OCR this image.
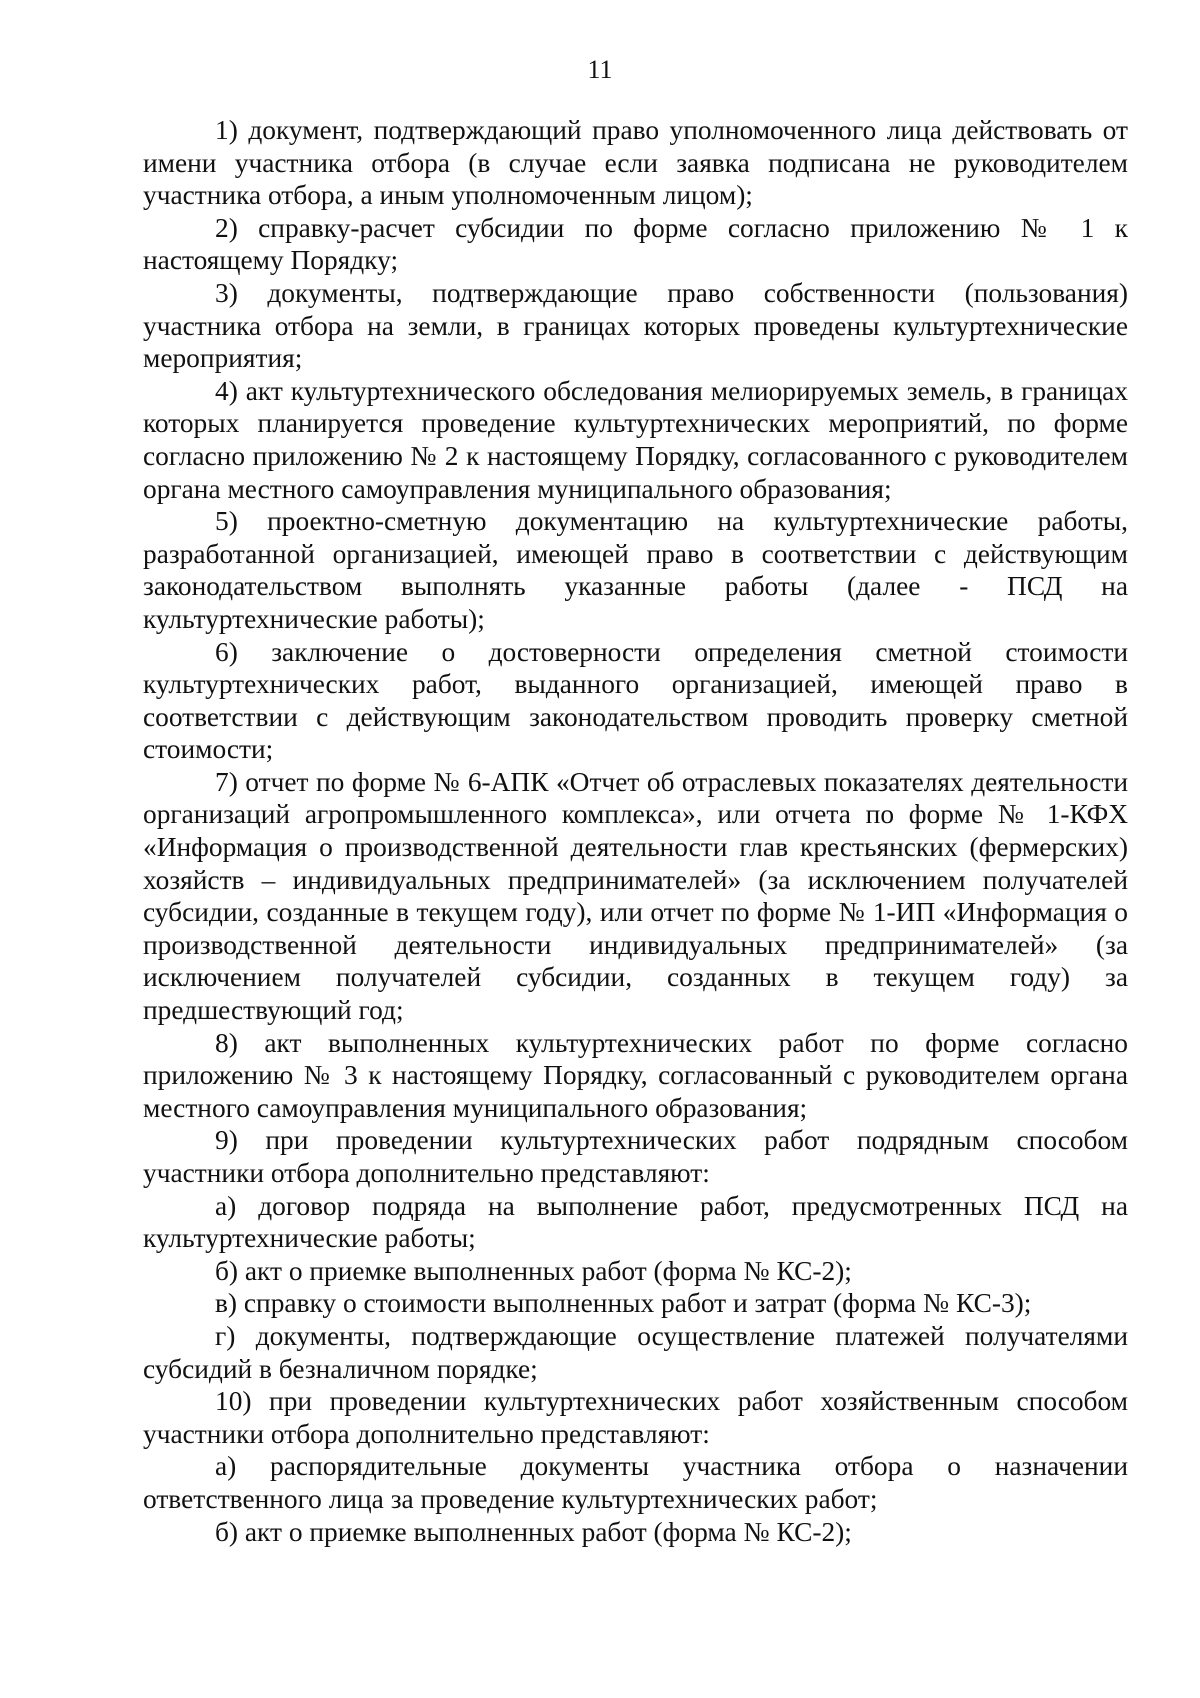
11

1) документ, подтверждающий право уполномоченного лица действовать от имени участника отбора (в случае если заявка подписана не руководителем участника отбора, а иным уполномоченным лицом);

2) справку-расчет субсидии по форме согласно приложению № 1 к настоящему Порядку;

3) документы, подтверждающие право собственности (пользования) участника отбора на земли, в границах которых проведены культуртехнические мероприятия;

4) акт культуртехнического обследования мелиорируемых земель, в границах которых планируется проведение культуртехнических мероприятий, по форме согласно приложению № 2 к настоящему Порядку, согласованного с руководителем органа местного самоуправления муниципального образования;

5) проектно-сметную документацию на культуртехнические работы, разработанной организацией, имеющей право в соответствии с действующим законодательством выполнять указанные работы (далее - ПСД на культуртехнические работы);

6) заключение о достоверности определения сметной стоимости культуртехнических работ, выданного организацией, имеющей право в соответствии с действующим законодательством проводить проверку сметной стоимости;

7) отчет по форме № 6-АПК «Отчет об отраслевых показателях деятельности организаций агропромышленного комплекса», или отчета по форме № 1-КФХ «Информация о производственной деятельности глав крестьянских (фермерских) хозяйств – индивидуальных предпринимателей» (за исключением получателей субсидии, созданные в текущем году), или отчет по форме № 1-ИП «Информация о производственной деятельности индивидуальных предпринимателей» (за исключением получателей субсидии, созданных в текущем году) за предшествующий год;

8) акт выполненных культуртехнических работ по форме согласно приложению № 3 к настоящему Порядку, согласованный с руководителем органа местного самоуправления муниципального образования;

9) при проведении культуртехнических работ подрядным способом участники отбора дополнительно представляют:

а) договор подряда на выполнение работ, предусмотренных ПСД на культуртехнические работы;

б) акт о приемке выполненных работ (форма № КС-2);

в) справку о стоимости выполненных работ и затрат (форма № КС-3);

г) документы, подтверждающие осуществление платежей получателями субсидий в безналичном порядке;

10) при проведении культуртехнических работ хозяйственным способом участники отбора дополнительно представляют:

а) распорядительные документы участника отбора о назначении ответственного лица за проведение культуртехнических работ;

б) акт о приемке выполненных работ (форма № КС-2);
